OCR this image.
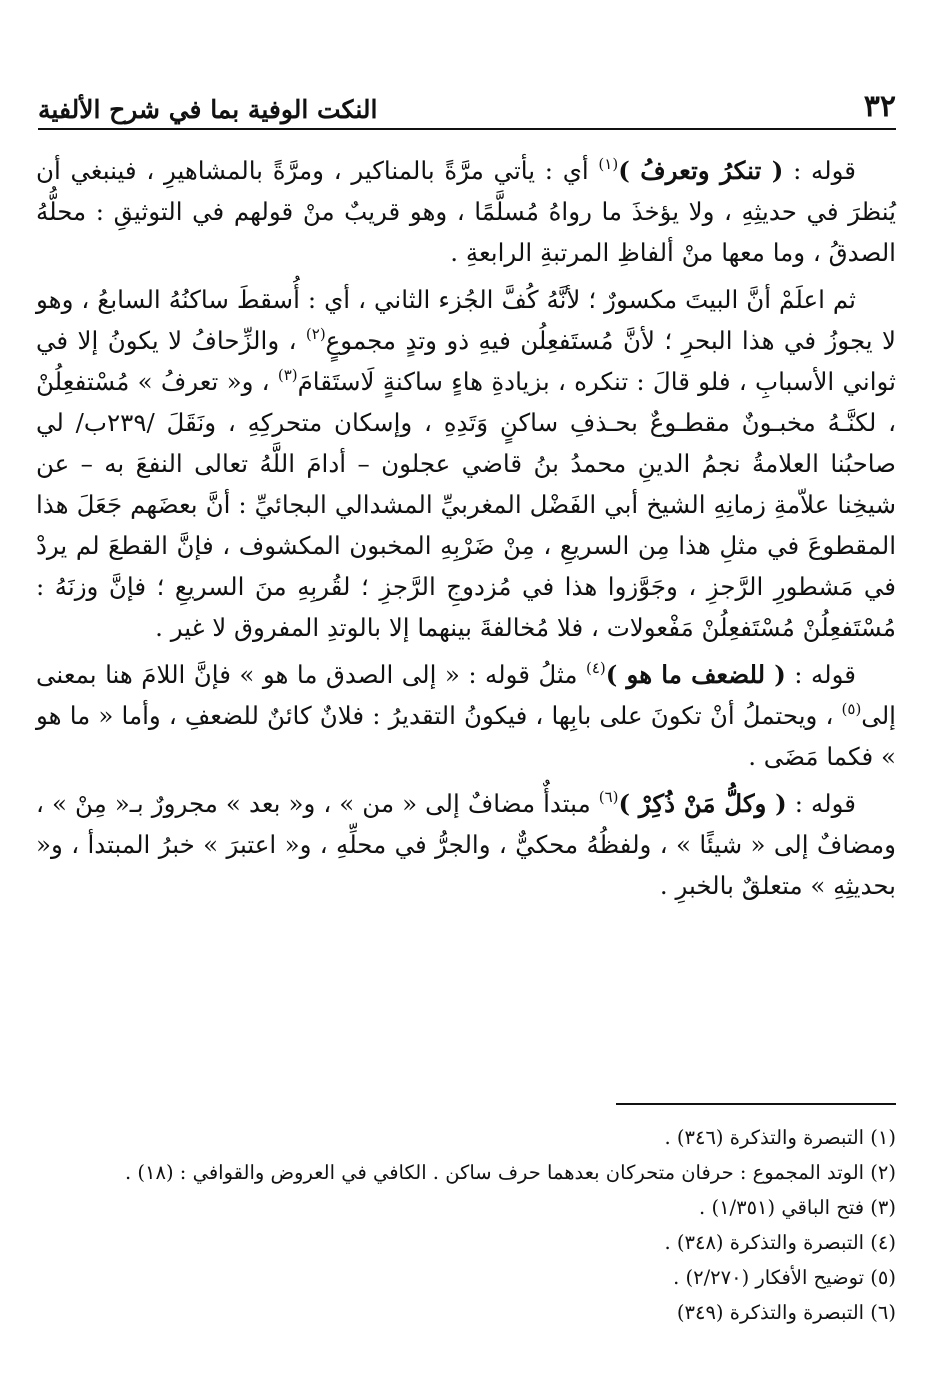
٣٢
النكت الوفية بما في شرح الألفية

قوله : ( تنكرُ وتعرفُ )$^{(١)}$ أي : يأتي مرَّةً بالمناكير ، ومرَّةً بالمشاهيرِ ، فينبغي أن يُنظرَ في حديثِهِ ، ولا يؤخذَ ما رواهُ مُسلَّمًا ، وهو قريبٌ منْ قولهم في التوثيقِ : محلُّهُ الصدقُ ، وما معها منْ ألفاظِ المرتبةِ الرابعةِ .

ثم اعلَمْ أنَّ البيتَ مكسورٌ ؛ لأنَّهُ كُفَّ الجُزء الثاني ، أي : أُسقطَ ساكنُهُ السابعُ ، وهو لا يجوزُ في هذا البحرِ ؛ لأنَّ مُستَفعِلُن فيهِ ذو وتدٍ مجموعٍ$^{(٢)}$ ، والزِّحافُ لا يكونُ إلا في ثواني الأسبابِ ، فلو قالَ : تنكره ، بزيادةِ هاءٍ ساكنةٍ لَاستَقامَ$^{(٣)}$ ، و« تعرفُ » مُسْتفعِلُنْ ، لكنَّـهُ مخبـونٌ مقطـوعٌ بحـذفِ ساكنٍ وَتَدِهِ ، وإسكان متحركِهِ ، ونَقَلَ /٢٣٩ب/ لي صاحبُنا العلامةُ نجمُ الدينِ محمدُ بنُ قاضي عجلون – أدامَ اللَّهُ تعالى النفعَ به – عن شيخِنا علاّمةِ زمانِهِ الشيخ أبي الفَضْل المغربيِّ المشدالي البجائيِّ : أنَّ بعضَهم جَعَلَ هذا المقطوعَ في مثلِ هذا مِن السريعِ ، مِنْ ضَرْبِهِ المخبون المكشوف ، فإنَّ القطعَ لم يردْ في مَشطورِ الرَّجزِ ، وجَوَّزوا هذا في مُزدوجِ الرَّجزِ ؛ لقُربِهِ منَ السريعِ ؛ فإنَّ وزنَهُ : مُسْتَفعِلُنْ مُسْتَفعِلُنْ مَفْعولات ، فلا مُخالفةَ بينهما إلا بالوتدِ المفروق لا غير .

قوله : ( للضعف ما هو )$^{(٤)}$ مثلُ قوله : « إلى الصدق ما هو » فإنَّ اللامَ هنا بمعنى إلى$^{(٥)}$ ، ويحتملُ أنْ تكونَ على بابِها ، فيكونُ التقديرُ : فلانٌ كائنٌ للضعفِ ، وأما « ما هو » فكما مَضَى .

قوله : ( وكلُّ مَنْ ذُكِرْ )$^{(٦)}$ مبتدأٌ مضافٌ إلى « من » ، و« بعد » مجرورٌ بـ« مِنْ » ، ومضافٌ إلى « شيئًا » ، ولفظُهُ محكيٌّ ، والجرُّ في محلِّهِ ، و« اعتبرَ » خبرُ المبتدأ ، و« بحديثِهِ » متعلقٌ بالخبرِ .

(١) التبصرة والتذكرة (٣٤٦) .
(٢) الوتد المجموع : حرفان متحركان بعدهما حرف ساكن . الكافي في العروض والقوافي : (١٨) .
(٣) فتح الباقي (١/٣٥١) .
(٤) التبصرة والتذكرة (٣٤٨) .
(٥) توضيح الأفكار (٢/٢٧٠) .
(٦) التبصرة والتذكرة (٣٤٩)
